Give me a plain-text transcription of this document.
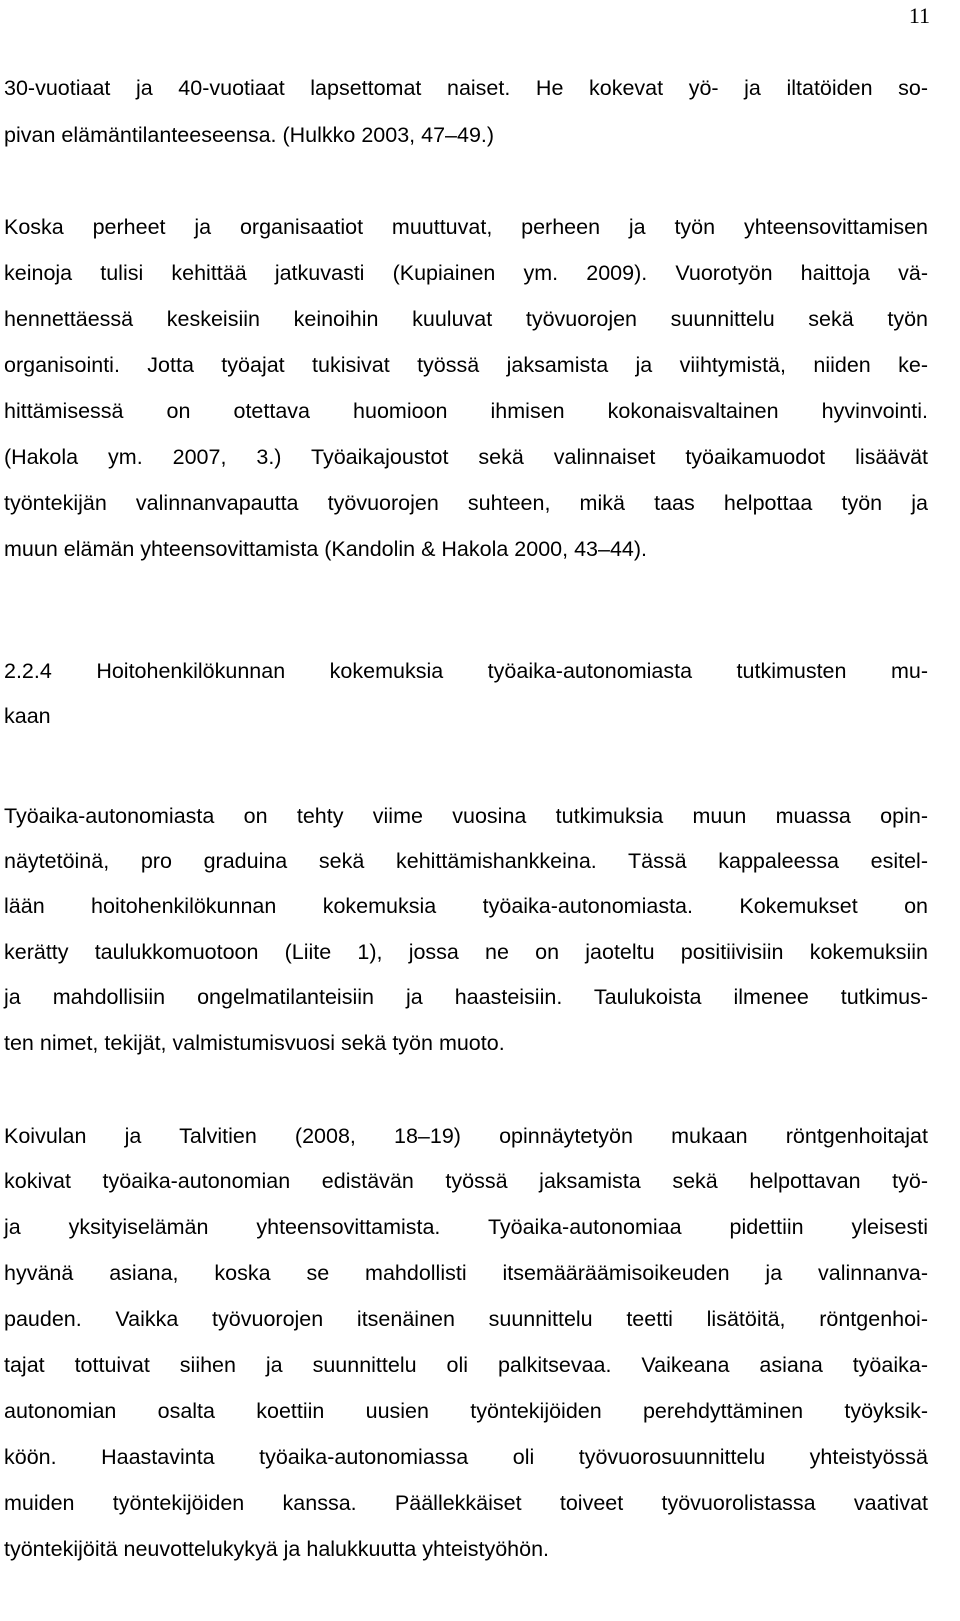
11
30-vuotiaat ja 40-vuotiaat lapsettomat naiset. He kokevat yö- ja iltatöiden so-
pivan elämäntilanteeseensa. (Hulkko 2003, 47–49.)
Koska perheet ja organisaatiot muuttuvat, perheen ja työn yhteensovittamisen
keinoja tulisi kehittää jatkuvasti (Kupiainen ym. 2009). Vuorotyön haittoja vä-
hennettäessä keskeisiin keinoihin kuuluvat työvuorojen suunnittelu sekä työn
organisointi. Jotta työajat tukisivat työssä jaksamista ja viihtymistä, niiden ke-
hittämisessä on otettava huomioon ihmisen kokonaisvaltainen hyvinvointi.
(Hakola ym. 2007, 3.) Työaikajoustot sekä valinnaiset työaikamuodot lisäävät
työntekijän valinnanvapautta työvuorojen suhteen, mikä taas helpottaa työn ja
muun elämän yhteensovittamista (Kandolin & Hakola 2000, 43–44).
2.2.4 Hoitohenkilökunnan kokemuksia työaika-autonomiasta tutkimusten mu-
kaan
Työaika-autonomiasta on tehty viime vuosina tutkimuksia muun muassa opin-
näytetöinä, pro graduina sekä kehittämishankkeina. Tässä kappaleessa esitel-
lään hoitohenkilökunnan kokemuksia työaika-autonomiasta. Kokemukset on
kerätty taulukkomuotoon (Liite 1), jossa ne on jaoteltu positiivisiin kokemuksiin
ja mahdollisiin ongelmatilanteisiin ja haasteisiin. Taulukoista ilmenee tutkimus-
ten nimet, tekijät, valmistumisvuosi sekä työn muoto.
Koivulan ja Talvitien (2008, 18–19) opinnäytetyön mukaan röntgenhoitajat
kokivat työaika-autonomian edistävän työssä jaksamista sekä helpottavan työ-
ja yksityiselämän yhteensovittamista. Työaika-autonomiaa pidettiin yleisesti
hyvänä asiana, koska se mahdollisti itsemääräämisoikeuden ja valinnanva-
pauden. Vaikka työvuorojen itsenäinen suunnittelu teetti lisätöitä, röntgenhoi-
tajat tottuivat siihen ja suunnittelu oli palkitsevaa. Vaikeana asiana työaika-
autonomian osalta koettiin uusien työntekijöiden perehdyttäminen työyksik-
köön. Haastavinta työaika-autonomiassa oli työvuorosuunnittelu yhteistyössä
muiden työntekijöiden kanssa. Päällekkäiset toiveet työvuorolistassa vaativat
työntekijöitä neuvottelukykyä ja halukkuutta yhteistyöhön.
